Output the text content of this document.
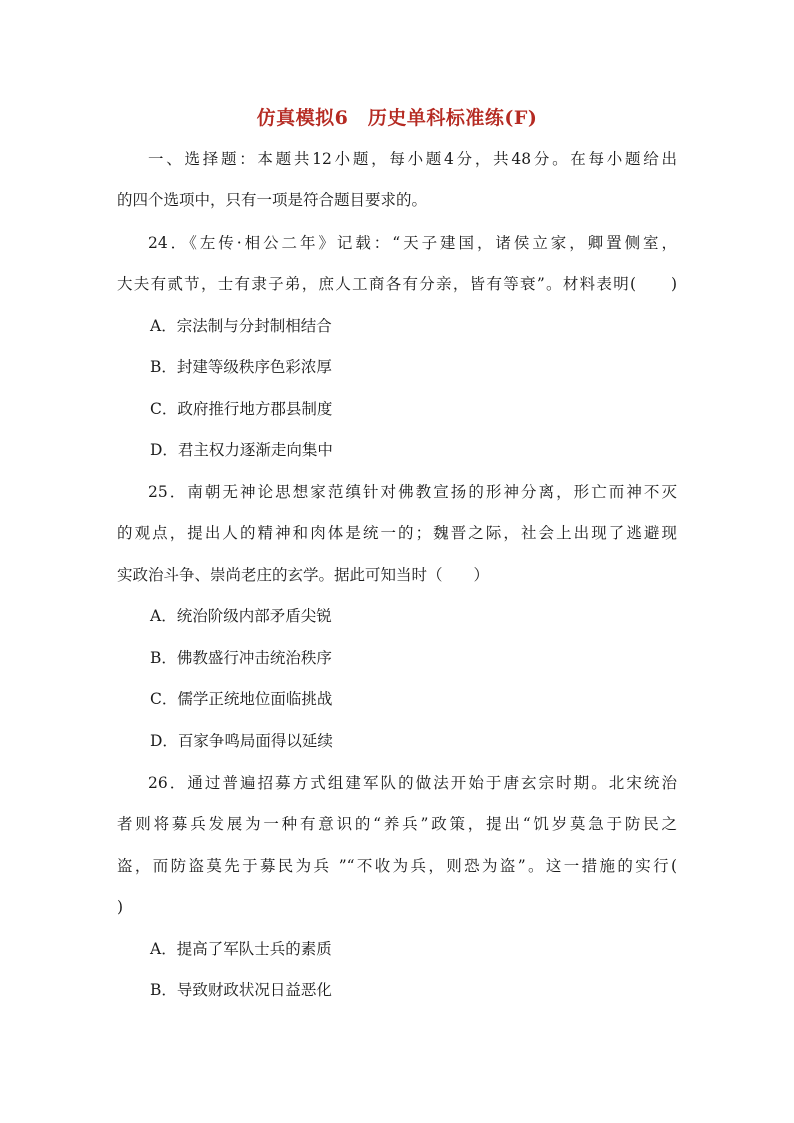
仿真模拟6　历史单科标准练(F)
一、选择题：本题共12小题，每小题4分，共48分。在每小题给出
的四个选项中，只有一项是符合题目要求的。
24．《左传·相公二年》记载：“天子建国，诸侯立家，卿置侧室，
大夫有贰节，士有隶子弟，庶人工商各有分亲，皆有等衰”。材料表明(　　)
A．宗法制与分封制相结合
B．封建等级秩序色彩浓厚
C．政府推行地方郡县制度
D．君主权力逐渐走向集中
25．南朝无神论思想家范缜针对佛教宣扬的形神分离，形亡而神不灭
的观点，提出人的精神和肉体是统一的；魏晋之际，社会上出现了逃避现
实政治斗争、崇尚老庄的玄学。据此可知当时（　　）
A．统治阶级内部矛盾尖锐
B．佛教盛行冲击统治秩序
C．儒学正统地位面临挑战
D．百家争鸣局面得以延续
26．通过普遍招募方式组建军队的做法开始于唐玄宗时期。北宋统治
者则将募兵发展为一种有意识的“养兵”政策，提出“饥岁莫急于防民之
盗，而防盗莫先于募民为兵 ”“不收为兵，则恐为盗”。这一措施的实行(
)
A．提高了军队士兵的素质
B．导致财政状况日益恶化
